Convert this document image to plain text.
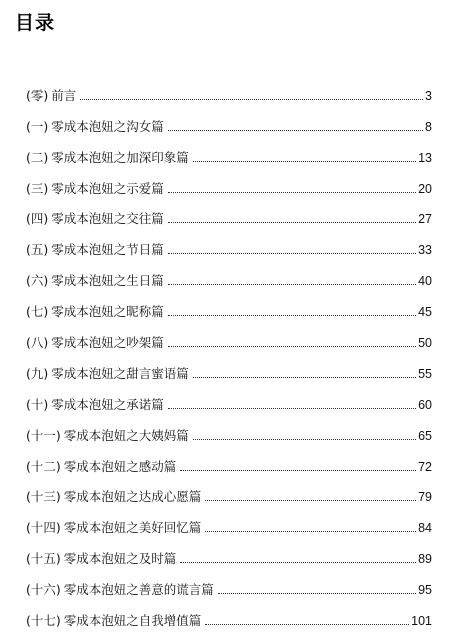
目录
(零) 前言	3
(一) 零成本泡妞之沟女篇	8
(二) 零成本泡妞之加深印象篇	13
(三) 零成本泡妞之示爱篇	20
(四) 零成本泡妞之交往篇	27
(五) 零成本泡妞之节日篇	33
(六) 零成本泡妞之生日篇	40
(七) 零成本泡妞之昵称篇	45
(八) 零成本泡妞之吵架篇	50
(九) 零成本泡妞之甜言蜜语篇	55
(十) 零成本泡妞之承诺篇	60
(十一) 零成本泡妞之大姨妈篇	65
(十二) 零成本泡妞之感动篇	72
(十三) 零成本泡妞之达成心愿篇	79
(十四) 零成本泡妞之美好回忆篇	84
(十五) 零成本泡妞之及时篇	89
(十六) 零成本泡妞之善意的谎言篇	95
(十七) 零成本泡妞之自我增值篇	101
